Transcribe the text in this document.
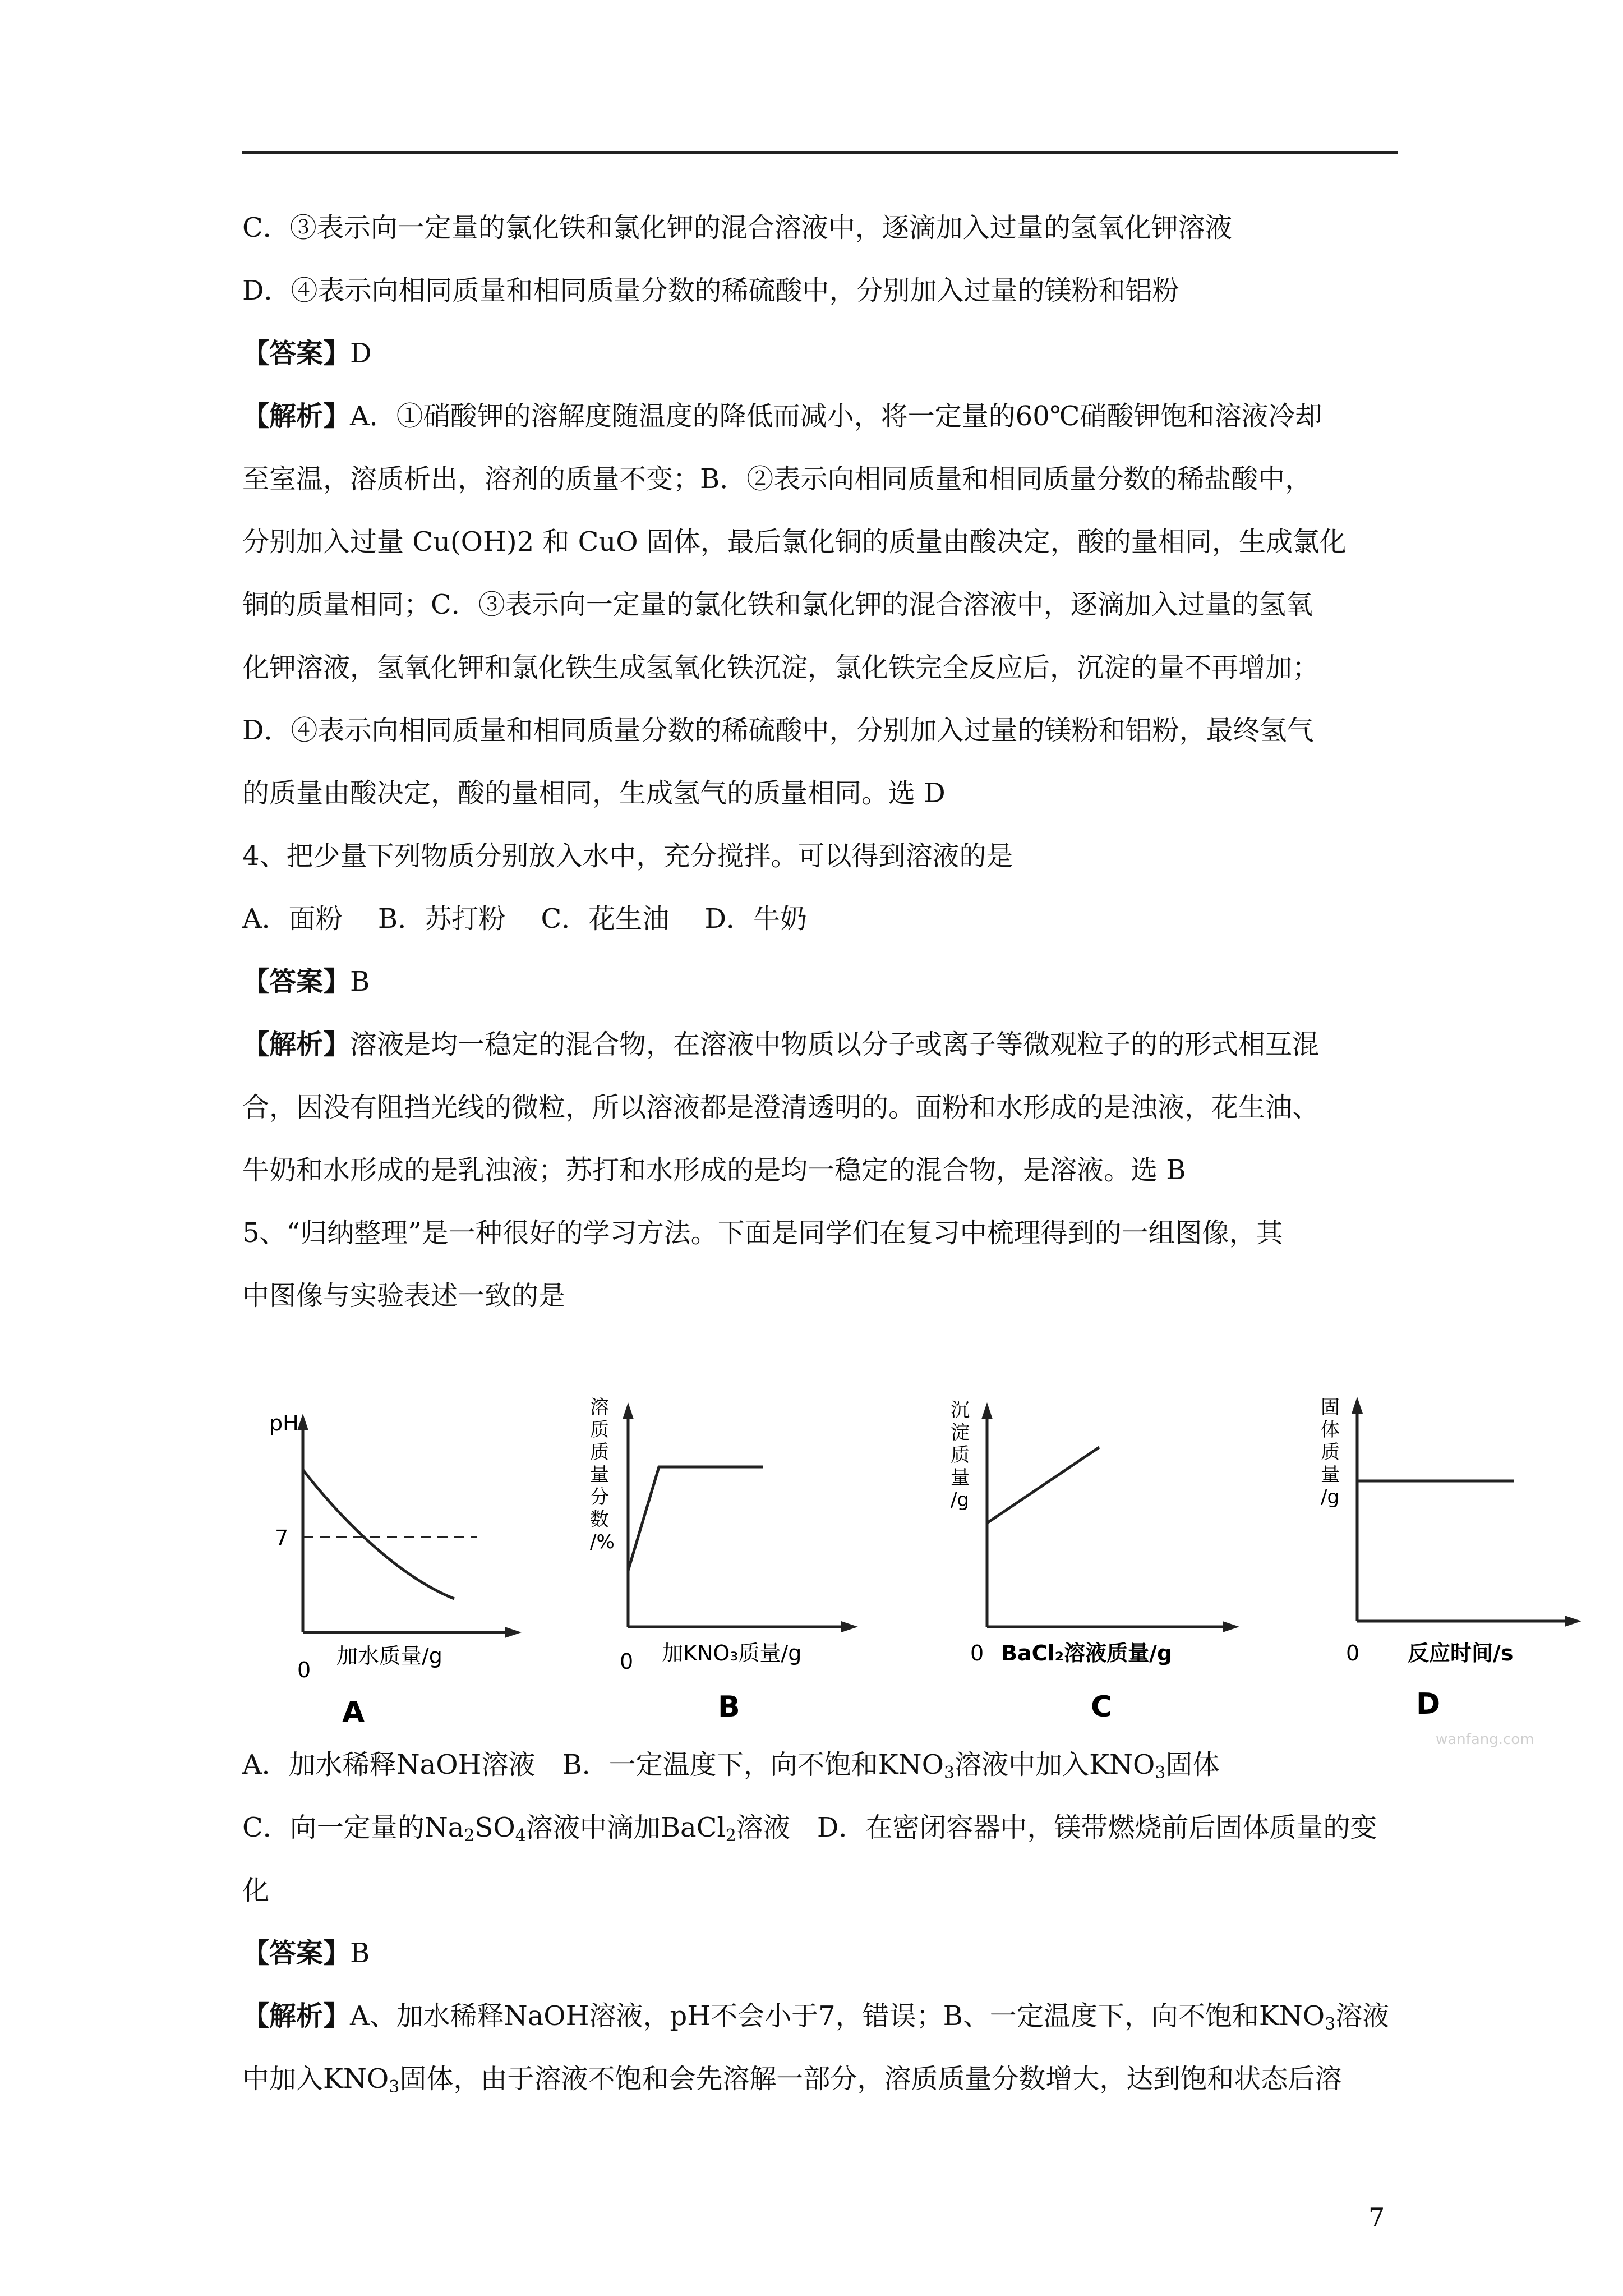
C．③表示向一定量的氯化铁和氯化钾的混合溶液中，逐滴加入过量的氢氧化钾溶液
D．④表示向相同质量和相同质量分数的稀硫酸中，分别加入过量的镁粉和铝粉
【答案】D
【解析】A．①硝酸钾的溶解度随温度的降低而减小，将一定量的60℃硝酸钾饱和溶液冷却
至室温，溶质析出，溶剂的质量不变；B．②表示向相同质量和相同质量分数的稀盐酸中，
分别加入过量 Cu(OH)2 和 CuO 固体，最后氯化铜的质量由酸决定，酸的量相同，生成氯化
铜的质量相同；C．③表示向一定量的氯化铁和氯化钾的混合溶液中，逐滴加入过量的氢氧
化钾溶液，氢氧化钾和氯化铁生成氢氧化铁沉淀，氯化铁完全反应后，沉淀的量不再增加；
D．④表示向相同质量和相同质量分数的稀硫酸中，分别加入过量的镁粉和铝粉，最终氢气
的质量由酸决定，酸的量相同，生成氢气的质量相同。选 D
4、把少量下列物质分别放入水中，充分搅拌。可以得到溶液的是
A．面粉　 B．苏打粉　 C．花生油　 D．牛奶
【答案】B
【解析】溶液是均一稳定的混合物，在溶液中物质以分子或离子等微观粒子的的形式相互混
合，因没有阻挡光线的微粒，所以溶液都是澄清透明的。面粉和水形成的是浊液，花生油、
牛奶和水形成的是乳浊液；苏打和水形成的是均一稳定的混合物，是溶液。选 B
5、“归纳整理”是一种很好的学习方法。下面是同学们在复习中梳理得到的一组图像，其
中图像与实验表述一致的是
pH
7
0
加水质量/g
A
溶
质
质
量
分
数
/%
0 加KNO₃质量/g
B
沉
淀
质
量
/g
0 BaCl₂溶液质量/g
C
固
体
质
量
/g
0 反应时间/s
D
wanfang.com
A．加水稀释NaOH溶液　B．一定温度下，向不饱和$KNO_3$溶液中加入$KNO_3$固体
C．向一定量的$Na_2SO_4$溶液中滴加BaCl$_2$溶液　D．在密闭容器中，镁带燃烧前后固体质量的变
化
【答案】B
【解析】A、加水稀释NaOH溶液，pH不会小于7，错误；B、一定温度下，向不饱和$KNO_3$溶液
中加入$KNO_3$固体，由于溶液不饱和会先溶解一部分，溶质质量分数增大，达到饱和状态后溶
7
